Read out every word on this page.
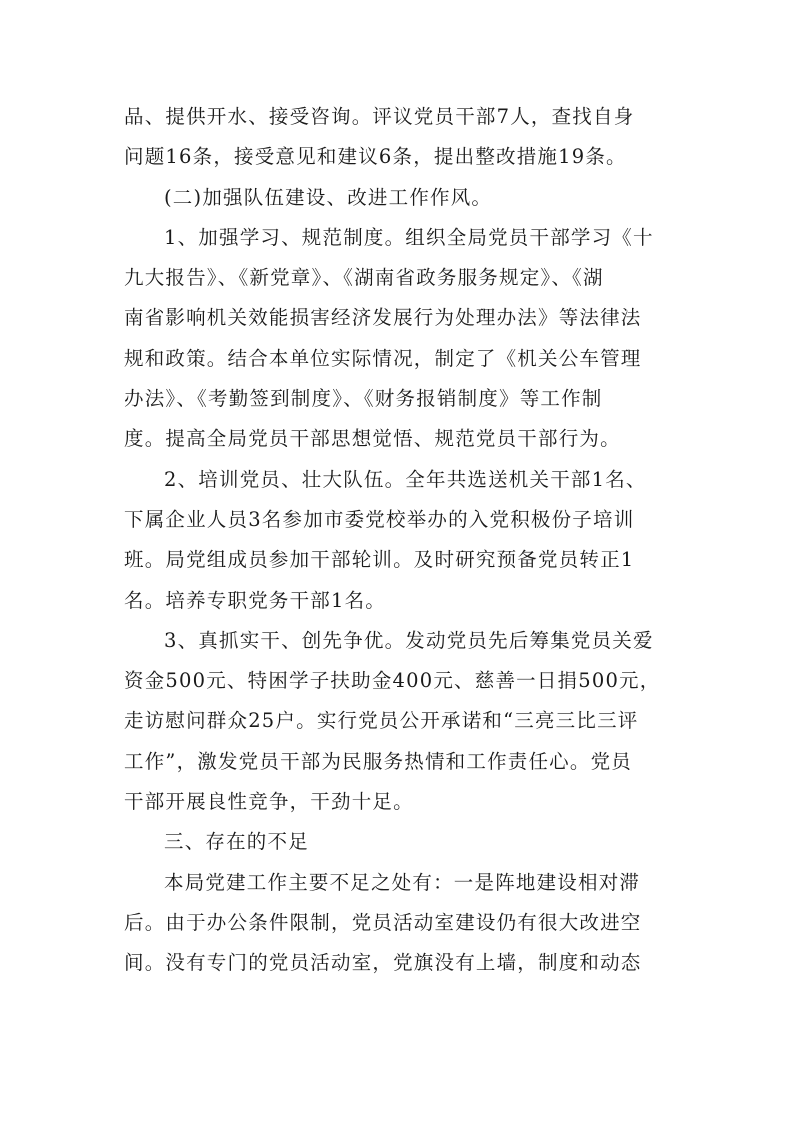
品、提供开水、接受咨询。评议党员干部7人，查找自身
问题16条，接受意见和建议6条，提出整改措施19条。
(二)加强队伍建设、改进工作作风。
1、加强学习、规范制度。组织全局党员干部学习《十
九大报告》、《新党章》、《湖南省政务服务规定》、《湖
南省影响机关效能损害经济发展行为处理办法》等法律法
规和政策。结合本单位实际情况，制定了《机关公车管理
办法》、《考勤签到制度》、《财务报销制度》等工作制
度。提高全局党员干部思想觉悟、规范党员干部行为。
2、培训党员、壮大队伍。全年共选送机关干部1名、
下属企业人员3名参加市委党校举办的入党积极份子培训
班。局党组成员参加干部轮训。及时研究预备党员转正1
名。培养专职党务干部1名。
3、真抓实干、创先争优。发动党员先后筹集党员关爱
资金500元、特困学子扶助金400元、慈善一日捐500元，
走访慰问群众25户。实行党员公开承诺和“三亮三比三评
工作”，激发党员干部为民服务热情和工作责任心。党员
干部开展良性竞争，干劲十足。
三、存在的不足
本局党建工作主要不足之处有：一是阵地建设相对滞
后。由于办公条件限制，党员活动室建设仍有很大改进空
间。没有专门的党员活动室，党旗没有上墙，制度和动态
